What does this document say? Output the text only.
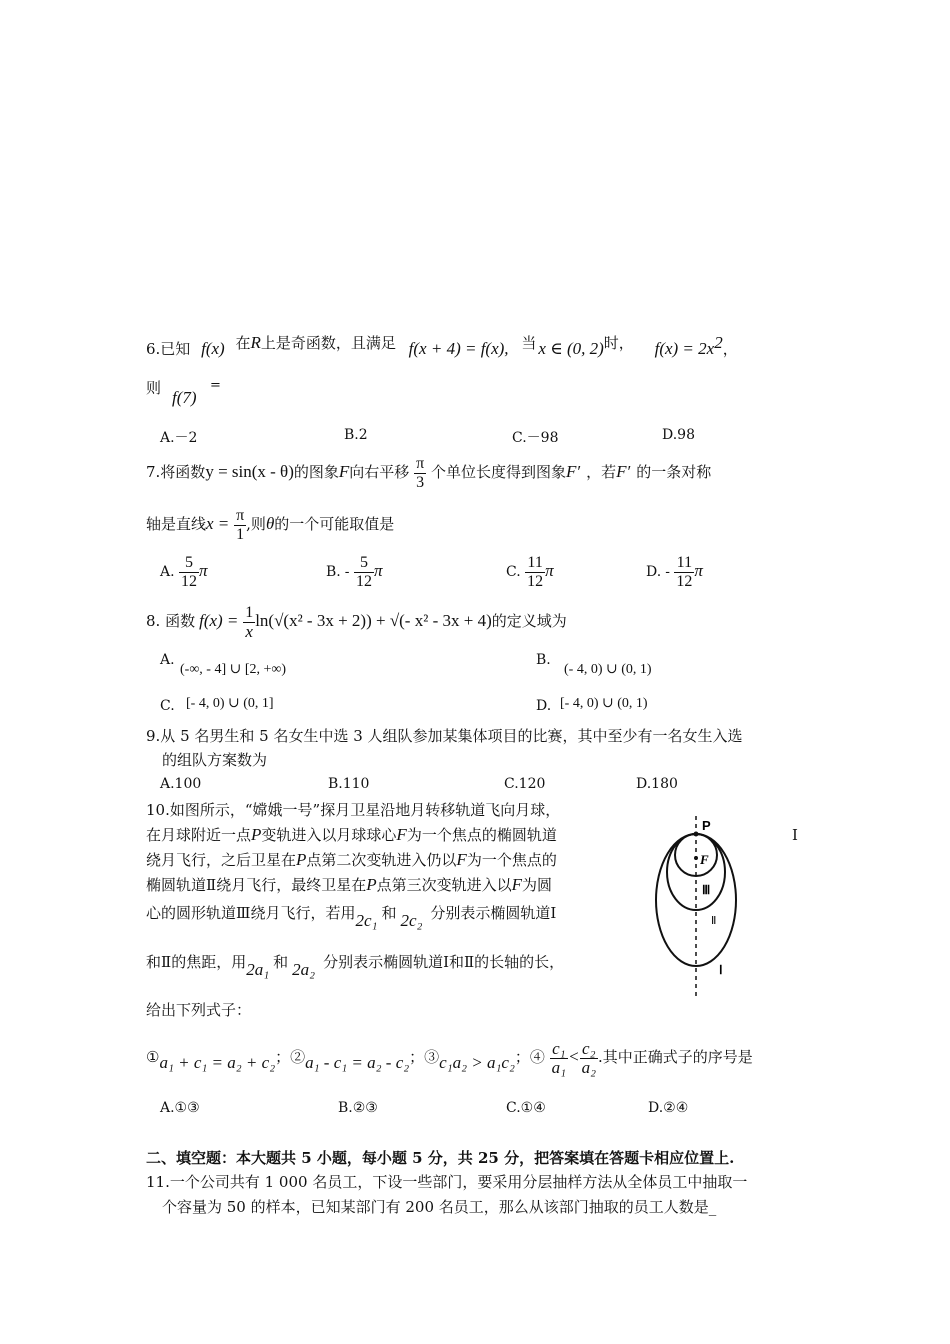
6.已知 f(x) 在R上是奇函数，且满足 f(x + 4) = f(x), 当 x ∈ (0, 2)时， $f(x) = 2x^2$，
则 f(7)
=
A.－2	B.2	C.－98	D.98
7.将函数y = sin(x - θ)的图象F向右平移 $\frac{\pi}{3}$ 个单位长度得到图象F′ ，若F′ 的一条对称
轴是直线$x = \frac{\pi}{1}$ ,则θ的一个可能取值是
A. $\frac{5}{12}$ π	B. - $\frac{5}{12}$ π	C. $\frac{11}{12}$ π	D. - $\frac{11}{12}$ π
8. 函数 $f(x) = \frac{1}{x} \ln(√(x^2 - 3x + 2))$ + √(- x² - 3x + 4)的定义域为
A.
(-∞, - 4] ∪ [2, +∞)
B.
(- 4, 0) ∪ (0, 1)
C. [- 4, 0) ∪ (0, 1]	D. [- 4, 0) ∪ (0, 1)
9.从 5 名男生和 5 名女生中选 3 人组队参加某集体项目的比赛，其中至少有一名女生入选
的组队方案数为
A.100	B.110	C.120	D.180
10.如图所示，“嫦娥一号”探月卫星沿地月转移轨道飞向月球，
在月球附近一点P变轨进入以月球球心F为一个焦点的椭圆轨道	Ⅰ
绕月飞行，之后卫星在P点第二次变轨进入仍以F为一个焦点的
椭圆轨道Ⅱ绕月飞行，最终卫星在P点第三次变轨进入以F为圆
心的圆形轨道Ⅲ绕月飞行，若用2c₁ 和 2c₂ 分别表示椭圆轨道Ⅰ
和Ⅱ的焦距，用2a₁ 和 2a₂ 分别表示椭圆轨道Ⅰ和Ⅱ的长轴的长，
给出下列式子：
①a₁ + c₁ = a₂ + c₂；②a₁ - c₁ = a₂ - c₂；③c₁a₂ > a₁c₂；④ $\frac{\text{c₁}}{\text{a₁}} < \frac{\text{c₂}}{\text{a₂}}$ .其中正确式子的序号是
A.①③	B.②③	C.①④	D.②④
P
F
Ⅲ
Ⅱ
Ⅰ
二、填空题：本大题共 5 小题，每小题 5 分，共 25 分，把答案填在答题卡相应位置上.
11.一个公司共有 1 000 名员工，下设一些部门，要采用分层抽样方法从全体员工中抽取一
个容量为 50 的样本，已知某部门有 200 名员工，那么从该部门抽取的员工人数是_
